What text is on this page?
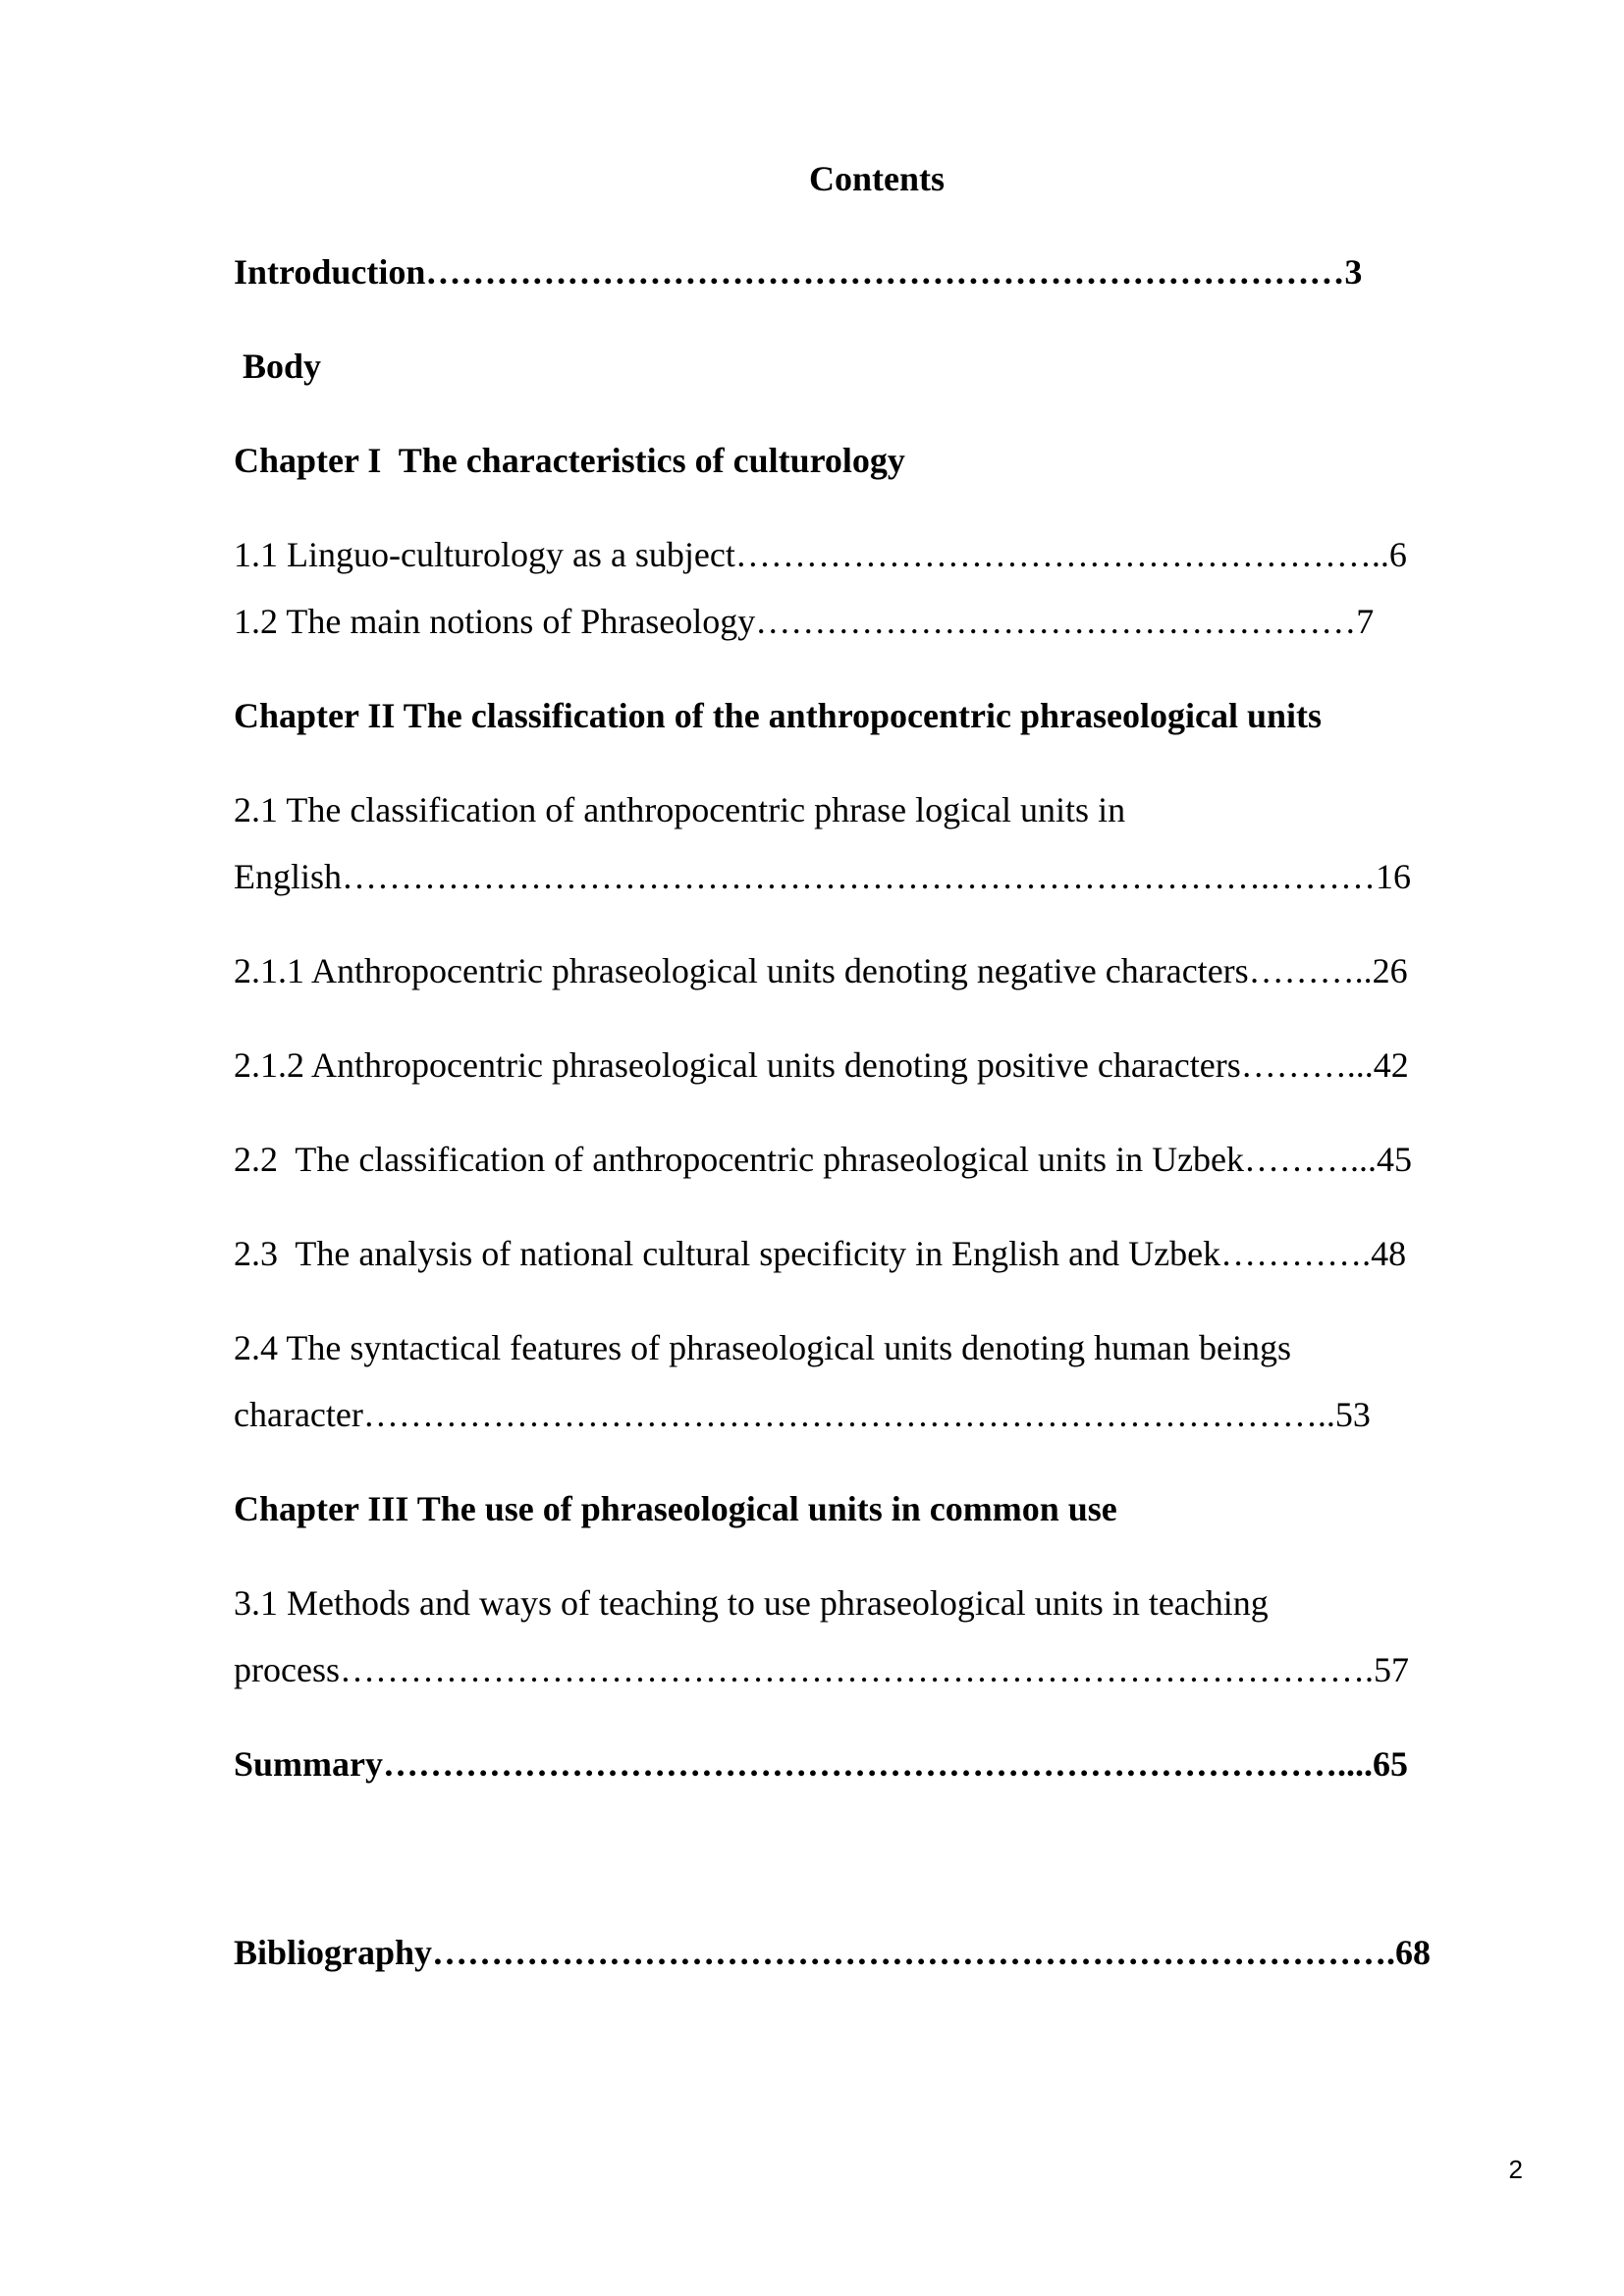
Contents
Introduction……………………………………………………………………3
Body
Chapter I  The characteristics of culturology
1.1 Linguo-culturology as a subject………………………………………………..6
1.2 The main notions of Phraseology……………………………………………7
Chapter II The classification of the anthropocentric phraseological units
2.1 The classification of anthropocentric phrase logical units in
English…………………………………………………………………….………16
2.1.1 Anthropocentric phraseological units denoting negative characters………..26
2.1.2 Anthropocentric phraseological units denoting positive characters………...42
2.2  The classification of anthropocentric phraseological units in Uzbek………...45
2.3  The analysis of national cultural specificity in English and Uzbek………….48
2.4 The syntactical features of phraseological units denoting human beings
character………………………………………………………………………..53
Chapter III The use of phraseological units in common use
3.1 Methods and ways of teaching to use phraseological units in teaching
process…………………………………………………………………………….57
Summary………………………………………………………………………....65
Bibliography……………………………………………………………………….68
2
